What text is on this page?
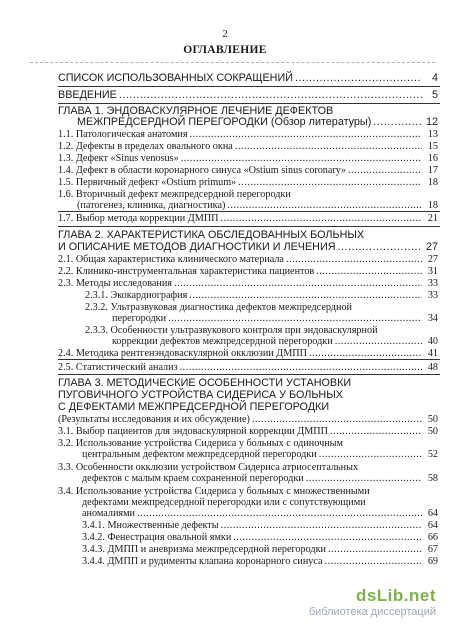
2
ОГЛАВЛЕНИЕ
СПИСОК ИСПОЛЬЗОВАННЫХ СОКРАЩЕНИЙ .....	4
ВВЕДЕНИЕ .....	5
ГЛАВА 1. ЭНДОВАСКУЛЯРНОЕ ЛЕЧЕНИЕ ДЕФЕКТОВ
МЕЖПРЕДСЕРДНОЙ ПЕРЕГОРОДКИ (Обзор литературы) .....	12
1.1. Патологическая анатомия .....	13
1.2. Дефекты в пределах овального окна .....	15
1.3. Дефект «Sinus venosus» .....	16
1.4. Дефект в области коронарного синуса «Ostium sinus coronary» .....	17
1.5. Первичный дефект «Ostium primum» .....	18
1.6. Вторичный дефект межпредсердной перегородки
(патогенез, клиника, диагностика) .....	18
1.7. Выбор метода коррекции ДМПП .....	21
ГЛАВА 2. ХАРАКТЕРИСТИКА ОБСЛЕДОВАННЫХ БОЛЬНЫХ
И ОПИСАНИЕ МЕТОДОВ ДИАГНОСТИКИ И ЛЕЧЕНИЯ .....	27
2.1. Общая характеристика клинического материала .....	27
2.2. Клинико-инструментальная характеристика пациентов .....	31
2.3. Методы исследования .....	33
2.3.1. Экокардиография .....	33
2.3.2. Ультразвуковая диагностика дефектов межпредсердной
перегородки .....	34
2.3.3. Особенности ультразвукового контроля при эндоваскулярной
коррекции дефектов межпредсердной перегородки .....	40
2.4. Методика рентгенэндоваскулярной окклюзии ДМПП .....	41
2.5. Статистический анализ .....	48
ГЛАВА 3. МЕТОДИЧЕСКИЕ ОСОБЕННОСТИ УСТАНОВКИ
ПУГОВИЧНОГО УСТРОЙСТВА СИДЕРИСА У БОЛЬНЫХ
С ДЕФЕКТАМИ МЕЖПРЕДСЕРДНОЙ ПЕРЕГОРОДКИ
(Результаты исследования и их обсуждение) .....	50
3.1. Выбор пациентов для эндоваскулярной коррекции ДМПП .....	50
3.2. Использование устройства Сидериса у больных с одиночным
центральным дефектом межпредсердной перегородки .....	52
3.3. Особенности окклюзии устройством Сидериса атриосептальных
дефектов с малым краем сохраненной перегородки .....	58
3.4. Использование устройства Сидериса у больных с множественными
дефектами межпредсердной перегородки или с сопутствующими
аномалиями .....	64
3.4.1. Множественные дефекты .....	64
3.4.2. Фенестрация овальной ямки .....	66
3.4.3. ДМПП и аневризма межпредсердной перегородки .....	67
3.4.4. ДМПП и рудименты клапана коронарного синуса .....	69
dsLib.net
библиотека диссертаций
